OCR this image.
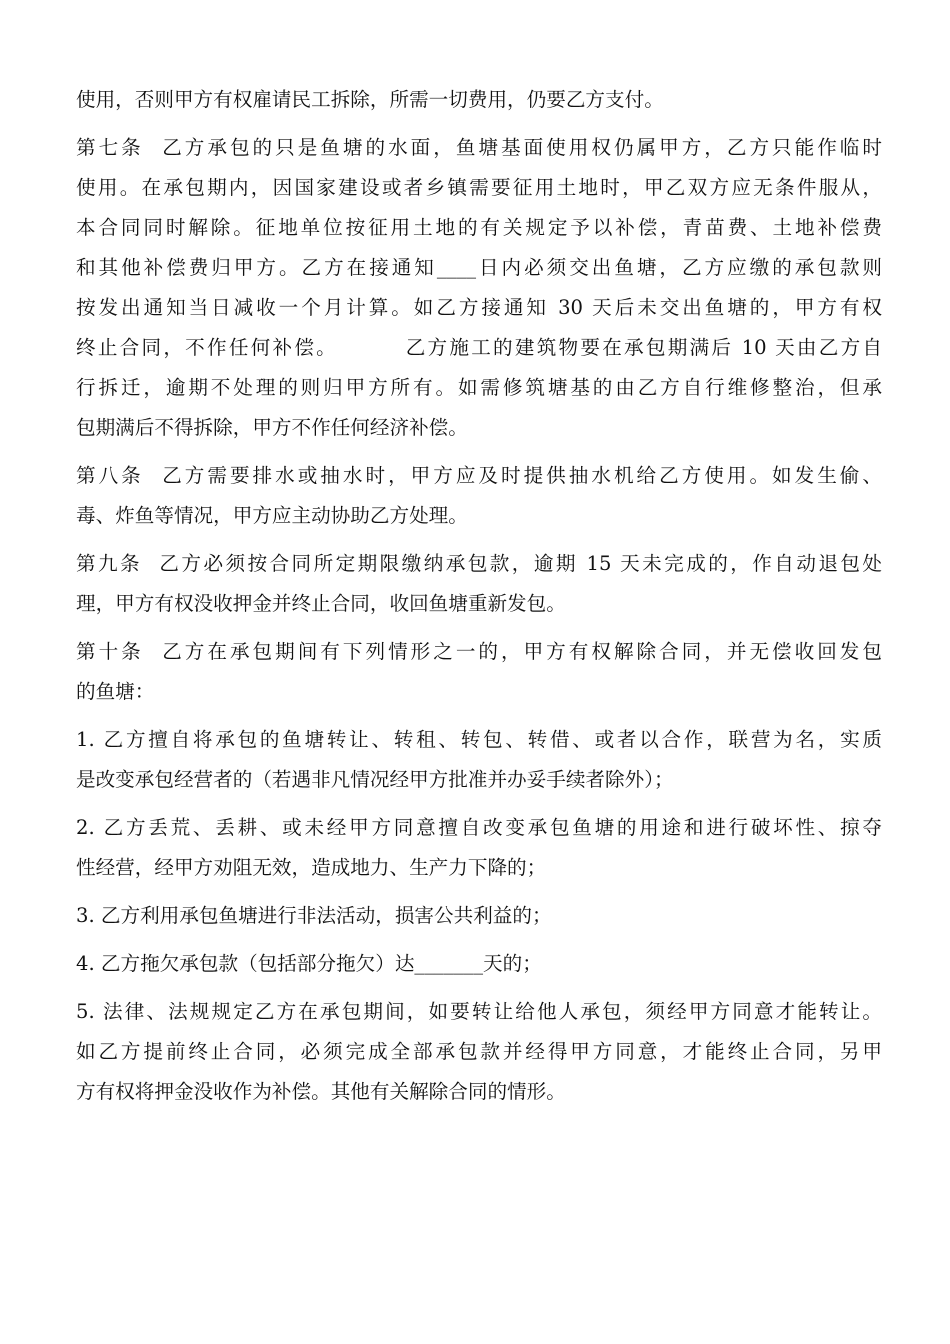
使用，否则甲方有权雇请民工拆除，所需一切费用，仍要乙方支付。
第七条  乙方承包的只是鱼塘的水面，鱼塘基面使用权仍属甲方，乙方只能作临时
使用。在承包期内，因国家建设或者乡镇需要征用土地时，甲乙双方应无条件服从，
本合同同时解除。征地单位按征用土地的有关规定予以补偿，青苗费、土地补偿费
和其他补偿费归甲方。乙方在接通知____日内必须交出鱼塘，乙方应缴的承包款则
按发出通知当日减收一个月计算。如乙方接通知 30 天后未交出鱼塘的，甲方有权
终止合同，不作任何补偿。        乙方施工的建筑物要在承包期满后 10 天由乙方自
行拆迁，逾期不处理的则归甲方所有。如需修筑塘基的由乙方自行维修整治，但承
包期满后不得拆除，甲方不作任何经济补偿。
第八条  乙方需要排水或抽水时，甲方应及时提供抽水机给乙方使用。如发生偷、
毒、炸鱼等情况，甲方应主动协助乙方处理。
第九条  乙方必须按合同所定期限缴纳承包款，逾期 15 天未完成的，作自动退包处
理，甲方有权没收押金并终止合同，收回鱼塘重新发包。
第十条  乙方在承包期间有下列情形之一的，甲方有权解除合同，并无偿收回发包
的鱼塘：
1. 乙方擅自将承包的鱼塘转让、转租、转包、转借、或者以合作，联营为名，实质
是改变承包经营者的（若遇非凡情况经甲方批准并办妥手续者除外）；
2. 乙方丢荒、丢耕、或未经甲方同意擅自改变承包鱼塘的用途和进行破坏性、掠夺
性经营，经甲方劝阻无效，造成地力、生产力下降的；
3. 乙方利用承包鱼塘进行非法活动，损害公共利益的；
4. 乙方拖欠承包款（包括部分拖欠）达_______天的；
5. 法律、法规规定乙方在承包期间，如要转让给他人承包，须经甲方同意才能转让。
如乙方提前终止合同，必须完成全部承包款并经得甲方同意，才能终止合同，另甲
方有权将押金没收作为补偿。其他有关解除合同的情形。
